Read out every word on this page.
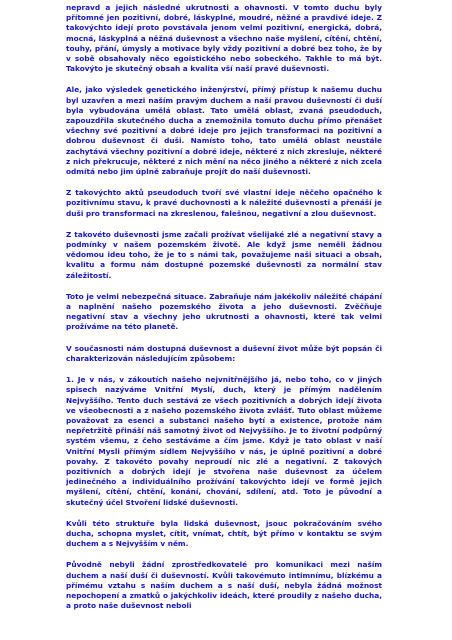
nepravd a jejich následné ukrutnosti a ohavnosti. V tomto duchu byly přítomné jen pozitivní, dobré, láskyplné, moudré, něžné a pravdivé ideje. Z takovýchto idejí proto povstávala jenom velmi pozitivní, energická, dobrá, mocná, láskyplná a něžná duševnost a všechno naše myšlení, cítění, chtění, touhy, přání, úmysly a motivace byly vždy pozitivní a dobré bez toho, že by v sobě obsahovaly něco egoistického nebo sobeckého. Takhle to má být. Takovýto je skutečný obsah a kvalita vší naší pravé duševnosti.

Ale, jako výsledek genetického inženýrství, přímý přístup k našemu duchu byl uzavřen a mezi naším pravým duchem a naší pravou duševností či duší byla vybudována umělá oblast. Tato umělá oblast, zvaná pseudoduch, zapouzdřila skutečného ducha a znemožnila tomuto duchu přímo přenášet všechny své pozitivní a dobré ideje pro jejich transformaci na pozitivní a dobrou duševnost či duši. Namísto toho, tato umělá oblast neustále zachytává všechny pozitivní a dobré ideje, některé z nich zkresluje, některé z nich překrucuje, některé z nich mění na něco jiného a některé z nich zcela odmítá nebo jim úplně zabraňuje projít do naší duševnosti.

Z takovýchto aktů pseudoduch tvoří své vlastní ideje něčeho opačného k pozitivnímu stavu, k pravé duchovnosti a k náležité duševnosti a přenáší je duši pro transformaci na zkreslenou, falešnou, negativní a zlou duševnost.

Z takovéto duševnosti jsme začali prožívat všelijaké zlé a negativní stavy a podmínky v našem pozemském životě. Ale když jsme neměli žádnou vědomou ideu toho, že je to s námi tak, považujeme naši situaci a obsah, kvalitu a formu nám dostupné pozemské duševnosti za normální stav záležitostí.

Toto je velmi nebezpečná situace. Zabraňuje nám jakékoliv náležité chápání a naplnění našeho pozemského života a jeho duševnosti. Zvěčňuje negativní stav a všechny jeho ukrutnosti a ohavnosti, které tak velmi prožíváme na této planetě.

V současnosti nám dostupná duševnost a duševní život může být popsán či charakterizován následujícím způsobem:

1. Je v nás, v zákoutích našeho nejvnitřnějšího já, nebo toho, co v jiných spisech nazýváme Vnitřní Myslí, duch, který je přímým nadělením Nejvyššího. Tento duch sestává ze všech pozitivních a dobrých idejí života ve všeobecnosti a z našeho pozemského života zvlášť. Tuto oblast můžeme považovat za esenci a substanci našeho bytí a existence, protože nám nepřetržitě přináší náš samotný život od Nejvyššího. Je to životní podpůrný systém všemu, z čeho sestáváme a čím jsme. Když je tato oblast v naší Vnitřní Mysli přímým sídlem Nejvyššího v nás, je úplně pozitivní a dobré povahy. Z takovéto povahy neproudí nic zlé a negativní. Z takových pozitivních a dobrých idejí je stvořena naše duševnost za účelem jedinečného a individuálního prožívání takovýchto idejí ve formě jejich myšlení, cítění, chtění, konání, chování, sdílení, atd. Toto je původní a skutečný účel Stvoření lidské duševnosti.

Kvůli této struktuře byla lidská duševnost, jsouc pokračováním svého ducha, schopna myslet, cítit, vnímat, chtít, být přímo v kontaktu se svým duchem a s Nejvyšším v něm.

Původně nebyli žádní zprostředkovatelé pro komunikaci mezi naším duchem a naší duší či duševností. Kvůli takovémuto intimnímu, blízkému a přímému vztahu s naším duchem a s naší duší, nebyla žádná možnost nepochopení a zmatků o jakýchkoliv ideách, které proudily z našeho ducha, a proto naše duševnost neboli
